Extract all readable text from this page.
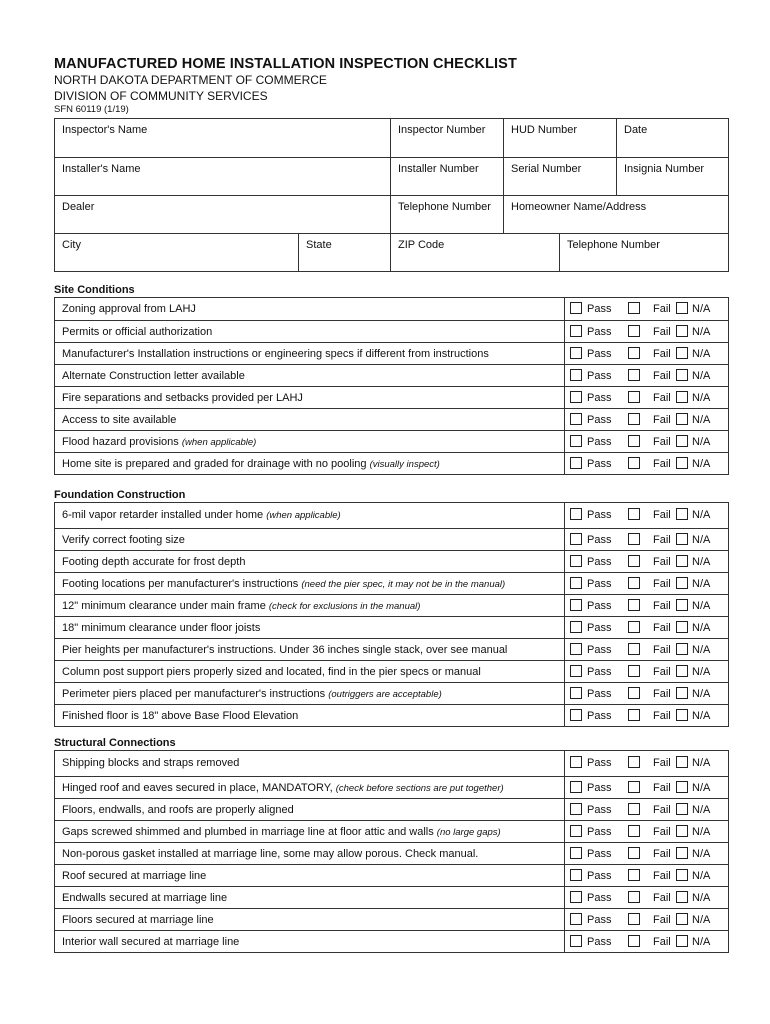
MANUFACTURED HOME INSTALLATION INSPECTION CHECKLIST
NORTH DAKOTA DEPARTMENT OF COMMERCE
DIVISION OF COMMUNITY SERVICES
SFN 60119 (1/19)
Inspector's Name	Inspector Number	HUD Number	Date
Installer's Name	Installer Number	Serial Number	Insignia Number
Dealer	Telephone Number	Homeowner Name/Address
City	State	ZIP Code	Telephone Number
Site Conditions
Zoning approval from LAHJ	Pass	Fail	N/A
Permits or official authorization	Pass	Fail	N/A
Manufacturer's Installation instructions or engineering specs if different from instructions	Pass	Fail	N/A
Alternate Construction letter available	Pass	Fail	N/A
Fire separations and setbacks provided per LAHJ	Pass	Fail	N/A
Access to site available	Pass	Fail	N/A
Flood hazard provisions (when applicable)	Pass	Fail	N/A
Home site is prepared and graded for drainage with no pooling (visually inspect)	Pass	Fail	N/A
Foundation Construction
6-mil vapor retarder installed under home (when applicable)	Pass	Fail	N/A
Verify correct footing size	Pass	Fail	N/A
Footing depth accurate for frost depth	Pass	Fail	N/A
Footing locations per manufacturer's instructions (need the pier spec, it may not be in the manual)	Pass	Fail	N/A
12" minimum clearance under main frame (check for exclusions in the manual)	Pass	Fail	N/A
18" minimum clearance under floor joists	Pass	Fail	N/A
Pier heights per manufacturer's instructions. Under 36 inches single stack, over see manual	Pass	Fail	N/A
Column post support piers properly sized and located, find in the pier specs or manual	Pass	Fail	N/A
Perimeter piers placed per manufacturer's instructions (outriggers are acceptable)	Pass	Fail	N/A
Finished floor is 18" above Base Flood Elevation	Pass	Fail	N/A
Structural Connections
Shipping blocks and straps removed	Pass	Fail	N/A
Hinged roof and eaves secured in place, MANDATORY, (check before sections are put together)	Pass	Fail	N/A
Floors, endwalls, and roofs are properly aligned	Pass	Fail	N/A
Gaps screwed shimmed and plumbed in marriage line at floor attic and walls (no large gaps)	Pass	Fail	N/A
Non-porous gasket installed at marriage line, some may allow porous. Check manual.	Pass	Fail	N/A
Roof secured at marriage line	Pass	Fail	N/A
Endwalls secured at marriage line	Pass	Fail	N/A
Floors secured at marriage line	Pass	Fail	N/A
Interior wall secured at marriage line	Pass	Fail	N/A
